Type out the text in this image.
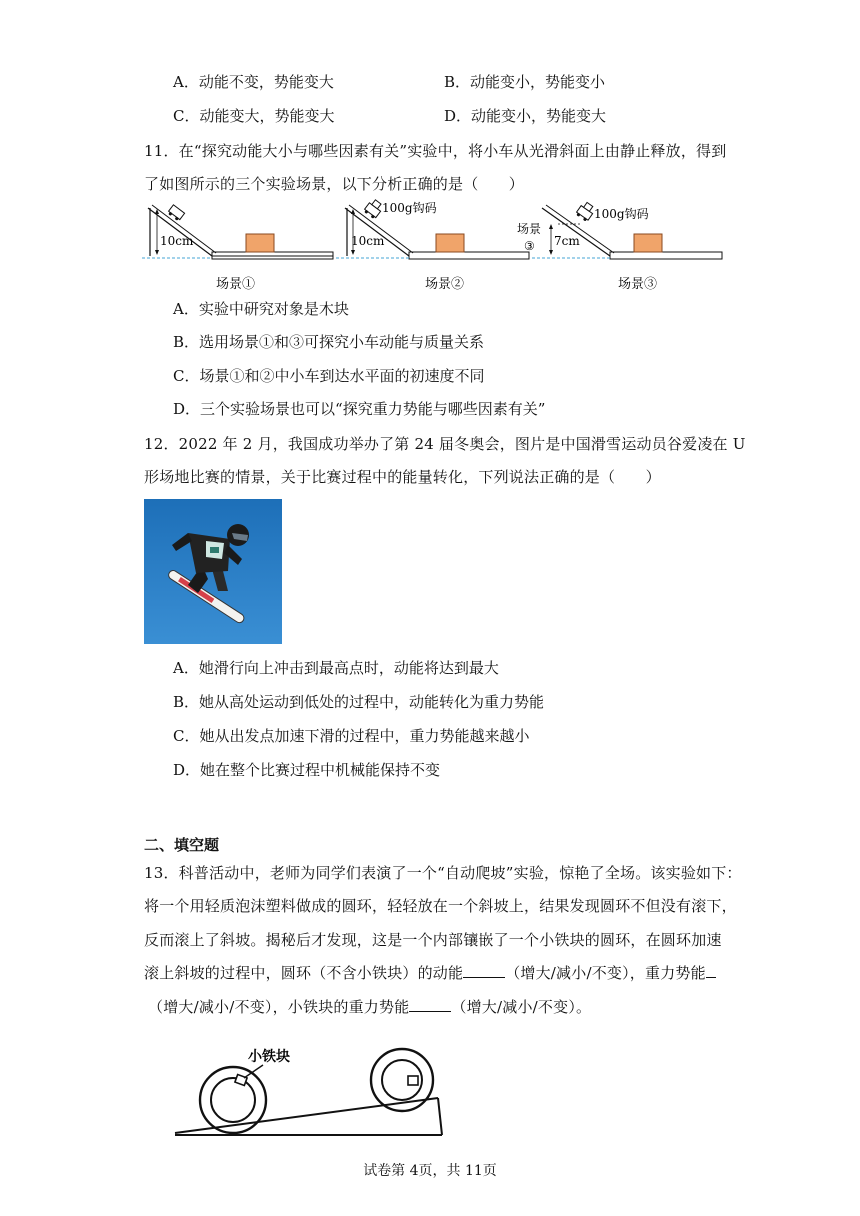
A．动能不变，势能变大	B．动能变小，势能变小
C．动能变大，势能变大	D．动能变小，势能变大
11．在“探究动能大小与哪些因素有关”实验中，将小车从光滑斜面上由静止释放，得到
了如图所示的三个实验场景，以下分析正确的是（　　）
10cm
100g钩码
10cm
100g钩码
场景
③ 7cm
场景①	场景②	场景③
A．实验中研究对象是木块
B．选用场景①和③可探究小车动能与质量关系
C．场景①和②中小车到达水平面的初速度不同
D．三个实验场景也可以“探究重力势能与哪些因素有关”
12．2022 年 2 月，我国成功举办了第 24 届冬奥会，图片是中国滑雪运动员谷爱凌在 U
形场地比赛的情景，关于比赛过程中的能量转化，下列说法正确的是（　　）
A．她滑行向上冲击到最高点时，动能将达到最大
B．她从高处运动到低处的过程中，动能转化为重力势能
C．她从出发点加速下滑的过程中，重力势能越来越小
D．她在整个比赛过程中机械能保持不变
二、填空题
13．科普活动中，老师为同学们表演了一个“自动爬坡”实验，惊艳了全场。该实验如下：
将一个用轻质泡沫塑料做成的圆环，轻轻放在一个斜坡上，结果发现圆环不但没有滚下，
反而滚上了斜坡。揭秘后才发现，这是一个内部镶嵌了一个小铁块的圆环，在圆环加速
滚上斜坡的过程中，圆环（不含小铁块）的动能	（增大/减小/不变），重力势能
（增大/减小/不变），小铁块的重力势能	（增大/减小/不变）。
小铁块
试卷第 4页，共 11页
